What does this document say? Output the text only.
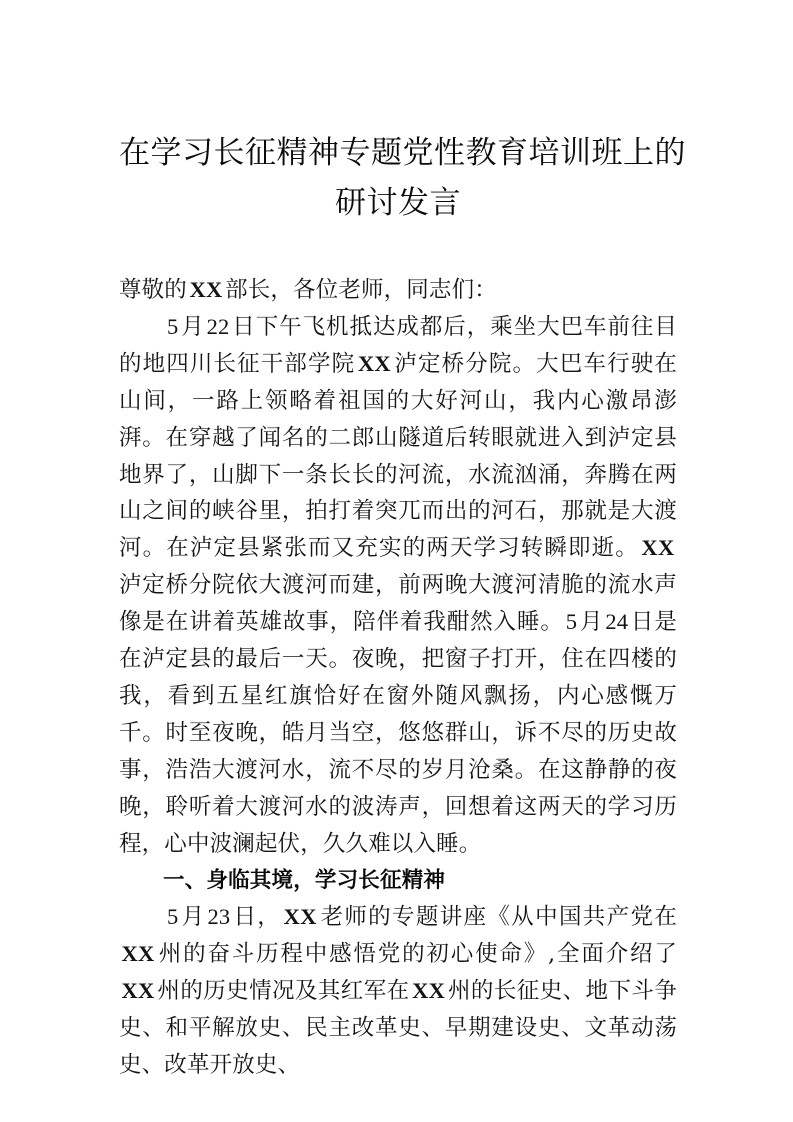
在学习长征精神专题党性教育培训班上的
研讨发言

尊敬的 XX 部长，各位老师，同志们：

5月22日下午飞机抵达成都后，乘坐大巴车前往目的地四川长征干部学院 XX 泸定桥分院。大巴车行驶在山间，一路上领略着祖国的大好河山，我内心激昂澎湃。在穿越了闻名的二郎山隧道后转眼就进入到泸定县地界了，山脚下一条长长的河流，水流汹涌，奔腾在两山之间的峡谷里，拍打着突兀而出的河石，那就是大渡河。在泸定县紧张而又充实的两天学习转瞬即逝。 XX泸定桥分院依大渡河而建，前两晚大渡河清脆的流水声像是在讲着英雄故事，陪伴着我酣然入睡。5月24日是在泸定县的最后一天。夜晚，把窗子打开，住在四楼的我，看到五星红旗恰好在窗外随风飘扬，内心感慨万千。时至夜晚，皓月当空，悠悠群山，诉不尽的历史故事，浩浩大渡河水，流不尽的岁月沧桑。在这静静的夜晚，聆听着大渡河水的波涛声，回想着这两天的学习历程，心中波澜起伏，久久难以入睡。

一、身临其境，学习长征精神

5月23日， XX 老师的专题讲座《从中国共产党在XX 州的奋斗历程中感悟党的初心使命》,全面介绍了XX 州的历史情况及其红军在 XX 州的长征史、地下斗争史、和平解放史、民主改革史、早期建设史、文革动荡史、改革开放史、
